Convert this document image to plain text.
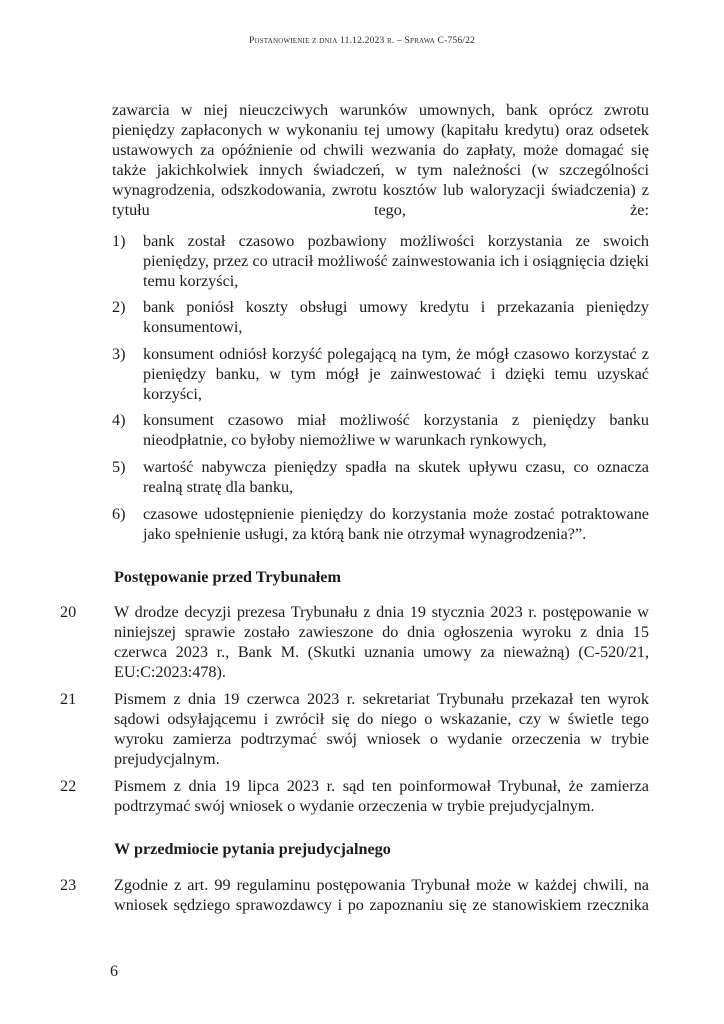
Postanowienie z dnia 11.12.2023 r. – Sprawa C-756/22
zawarcia w niej nieuczciwych warunków umownych, bank oprócz zwrotu pieniędzy zapłaconych w wykonaniu tej umowy (kapitału kredytu) oraz odsetek ustawowych za opóźnienie od chwili wezwania do zapłaty, może domagać się także jakichkolwiek innych świadczeń, w tym należności (w szczególności wynagrodzenia, odszkodowania, zwrotu kosztów lub waloryzacji świadczenia) z tytułu tego, że:
1) bank został czasowo pozbawiony możliwości korzystania ze swoich pieniędzy, przez co utracił możliwość zainwestowania ich i osiągnięcia dzięki temu korzyści,
2) bank poniósł koszty obsługi umowy kredytu i przekazania pieniędzy konsumentowi,
3) konsument odniósł korzyść polegającą na tym, że mógł czasowo korzystać z pieniędzy banku, w tym mógł je zainwestować i dzięki temu uzyskać korzyści,
4) konsument czasowo miał możliwość korzystania z pieniędzy banku nieodpłatnie, co byłoby niemożliwe w warunkach rynkowych,
5) wartość nabywcza pieniędzy spadła na skutek upływu czasu, co oznacza realną stratę dla banku,
6) czasowe udostępnienie pieniędzy do korzystania może zostać potraktowane jako spełnienie usługi, za którą bank nie otrzymał wynagrodzenia?”.
Postępowanie przed Trybunałem
20 W drodze decyzji prezesa Trybunału z dnia 19 stycznia 2023 r. postępowanie w niniejszej sprawie zostało zawieszone do dnia ogłoszenia wyroku z dnia 15 czerwca 2023 r., Bank M. (Skutki uznania umowy za nieważną) (C-520/21, EU:C:2023:478).
21 Pismem z dnia 19 czerwca 2023 r. sekretariat Trybunału przekazał ten wyrok sądowi odsyłającemu i zwrócił się do niego o wskazanie, czy w świetle tego wyroku zamierza podtrzymać swój wniosek o wydanie orzeczenia w trybie prejudycjalnym.
22 Pismem z dnia 19 lipca 2023 r. sąd ten poinformował Trybunał, że zamierza podtrzymać swój wniosek o wydanie orzeczenia w trybie prejudycjalnym.
W przedmiocie pytania prejudycjalnego
23 Zgodnie z art. 99 regulaminu postępowania Trybunał może w każdej chwili, na wniosek sędziego sprawozdawcy i po zapoznaniu się ze stanowiskiem rzecznika
6
